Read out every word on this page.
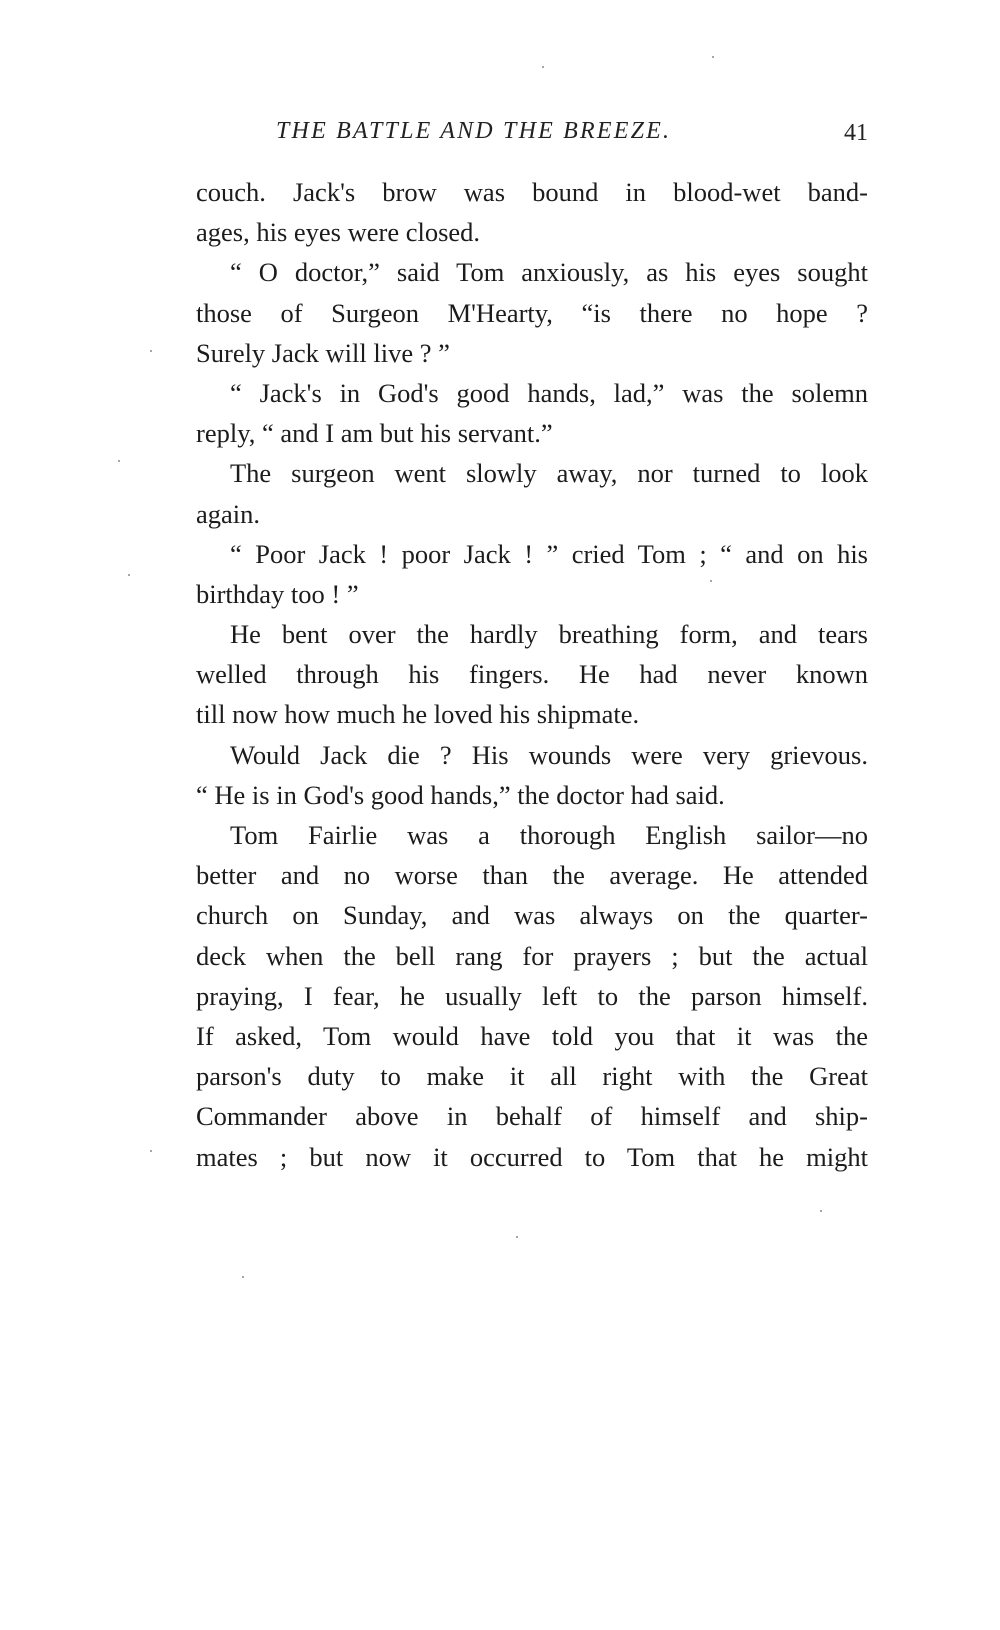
THE BATTLE AND THE BREEZE.	41
couch. Jack's brow was bound in blood-wet band-
ages, his eyes were closed.
“ O doctor,” said Tom anxiously, as his eyes sought
those of Surgeon M'Hearty, “is there no hope ?
Surely Jack will live ? ”
“ Jack's in God's good hands, lad,” was the solemn
reply, “ and I am but his servant.”
The surgeon went slowly away, nor turned to look
again.
“ Poor Jack ! poor Jack ! ” cried Tom ; “ and on his
birthday too ! ”
He bent over the hardly breathing form, and tears
welled through his fingers. He had never known
till now how much he loved his shipmate.
Would Jack die ? His wounds were very grievous.
“ He is in God's good hands,” the doctor had said.
Tom Fairlie was a thorough English sailor—no
better and no worse than the average. He attended
church on Sunday, and was always on the quarter-
deck when the bell rang for prayers ; but the actual
praying, I fear, he usually left to the parson himself.
If asked, Tom would have told you that it was the
parson's duty to make it all right with the Great
Commander above in behalf of himself and ship-
mates ; but now it occurred to Tom that he might
